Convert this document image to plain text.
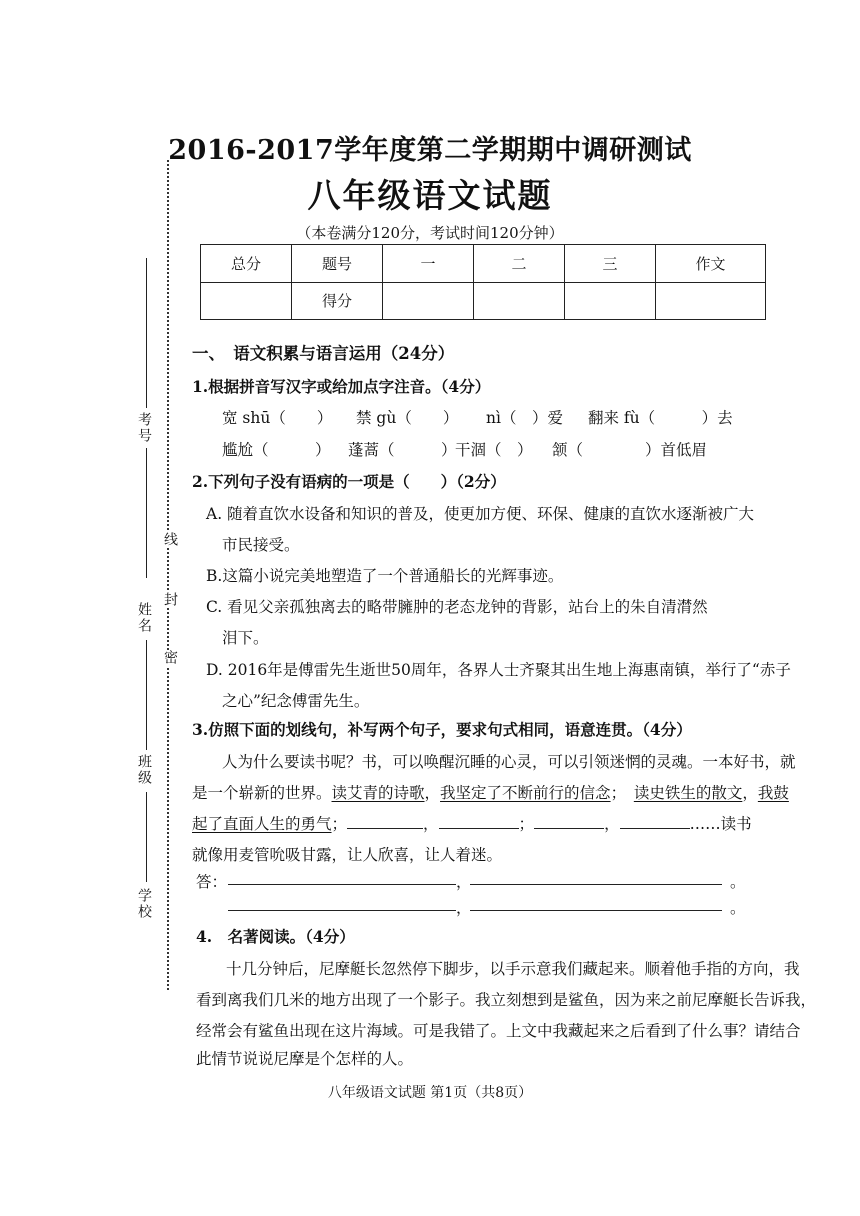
密
封
线
考号
姓名
班级
学校
2016-2017学年度第二学期期中调研测试
八年级语文试题
（本卷满分120分，考试时间120分钟）
总分	题号	一	二	三	作文
	得分				
一、　语文积累与语言运用（24分）
1.根据拼音写汉字或给加点字注音。（4分）
宽 shū（　　） 禁 gù（　　） nì（　）爱 翻来 fù（　　　）去
尴尬（　　　） 蓬蒿（　　　）
干涸（　） 颔（　　　　）首低眉
2.下列句子没有语病的一项是（　　）（2分）
A. 随着直饮水设备和知识的普及，使更加方便、环保、健康的直饮水逐渐被广大
市民接受。
B.这篇小说完美地塑造了一个普通船长的光辉事迹。
C. 看见父亲孤独离去的略带臃肿的老态龙钟的背影，站台上的朱自清潸然
泪下。
D. 2016年是傅雷先生逝世50周年，各界人士齐聚其出生地上海惠南镇，举行了“赤子
之心”纪念傅雷先生。
3.仿照下面的划线句，补写两个句子，要求句式相同，语意连贯。（4分）
人为什么要读书呢？书，可以唤醒沉睡的心灵，可以引领迷惘的灵魂。一本好书，就
是一个崭新的世界。读艾青的诗歌，我坚定了不断前行的信念；　读史铁生的散文，我鼓
起了直面人生的勇气；	，	；	，	……读书
就像用麦管吮吸甘露，让人欣喜，让人着迷。
答：	，	。
，	。
4.　名著阅读。（4分）
十几分钟后，尼摩艇长忽然停下脚步，以手示意我们藏起来。顺着他手指的方向，我
看到离我们几米的地方出现了一个影子。我立刻想到是鲨鱼，因为来之前尼摩艇长告诉我，
经常会有鲨鱼出现在这片海域。可是我错了。上文中我藏起来之后看到了什么事？请结合
此情节说说尼摩是个怎样的人。
八年级语文试题 第1页（共8页）
